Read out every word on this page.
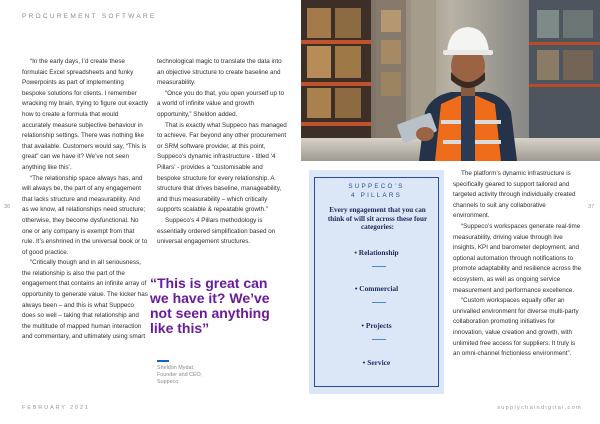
PROCUREMENT SOFTWARE

“In the early days, I’d create these formulaic Excel spreadsheets and funky Powerpoints as part of implementing bespoke solutions for clients. I remember wracking my brain, trying to figure out exactly how to create a formula that would accurately measure subjective behaviour in relationship settings. There was nothing like that available. Customers would say, “This is great” can we have it? We’ve not seen anything like this’.

“The relationship space always has, and will always be, the part of any engagement that lacks structure and measurability. And as we know, all relationships need structure; otherwise, they become dysfunctional. No one or any company is exempt from that rule. It’s enshrined in the universal book or to of good practice.

“Critically though and in all seriousness, the relationship is also the part of the engagement that contains an infinite array of opportunity to generate value. The kicker has always been – and this is what Suppeco does so well – taking that relationship and the multitude of mapped human interaction and commentary, and ultimately using smart

technological magic to translate the data into an objective structure to create baseline and measurability.

“Once you do that, you open yourself up to a world of infinite value and growth opportunity,” Sheldon added.

That is exactly what Suppeco has managed to achieve. Far beyond any other procurement or SRM software provider, at this point, Suppeco’s dynamic infrastructure - titled ‘4 Pillars’ - provides a “customisable and bespoke structure for every relationship. A structure that drives baseline, manageability, and thus measurability – which critically supports scalable & repeatable growth.”

Suppeco’s 4 Pillars methodology is essentially ordered simplification based on universal engagement structures.

“This is great can we have it? We’ve not seen anything like this”
Sheldon Mydat,
Founder and CEO,
Suppeco
SUPPECO’S
4 PILLARS
Every engagement that you can think of will sit across these four categories:
• Relationship
• Commercial
• Projects
• Service

The platform’s dynamic infrastructure is specifically geared to support tailored and targeted activity through individually created channels to suit any collaborative environment.

“Suppeco’s workspaces generate real-time measurability, driving value through live insights, KPI and barometer deployment, and optional automation through notifications to promote adaptability and resilience across the ecosystem, as well as ongoing service measurement and performance excellence.

“Custom workspaces equally offer an unrivalled environment for diverse multi-party collaboration promoting initiatives for innovation, value creation and growth, with unlimited free access for suppliers. It truly is an omni-channel frictionless environment”.

36	37
FEBRUARY 2021	supplychaindigital.com
